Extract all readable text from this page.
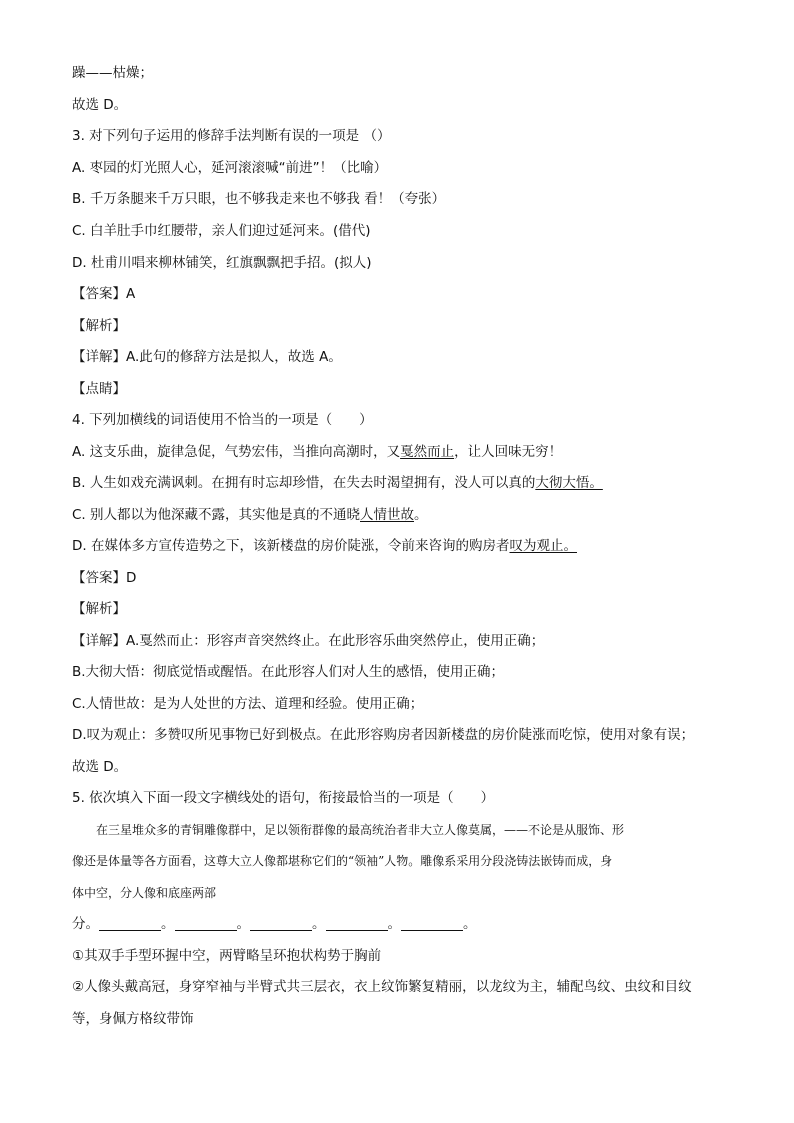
躁——枯燥；
故选 D。
3. 对下列句子运用的修辞手法判断有误的一项是 （）
A. 枣园的灯光照人心，延河滚滚喊“前进”！（比喻）
B. 千万条腿来千万只眼，也不够我走来也不够我 看！（夸张）
C. 白羊肚手巾红腰带，亲人们迎过延河来。(借代)
D. 杜甫川唱来柳林铺笑，红旗飘飘把手招。(拟人)
【答案】A
【解析】
【详解】A.此句的修辞方法是拟人，故选 A。
【点睛】
4. 下列加横线的词语使用不恰当的一项是（　　）
A. 这支乐曲，旋律急促，气势宏伟，当推向高潮时，又戛然而止，让人回味无穷！
B. 人生如戏充满讽刺。在拥有时忘却珍惜，在失去时渴望拥有，没人可以真的大彻大悟。
C. 别人都以为他深藏不露，其实他是真的不通晓人情世故。
D. 在媒体多方宣传造势之下，该新楼盘的房价陡涨，令前来咨询的购房者叹为观止。
【答案】D
【解析】
【详解】A.戛然而止：形容声音突然终止。在此形容乐曲突然停止，使用正确；
B.大彻大悟：彻底觉悟或醒悟。在此形容人们对人生的感悟，使用正确；
C.人情世故：是为人处世的方法、道理和经验。使用正确；
D.叹为观止：多赞叹所见事物已好到极点。在此形容购房者因新楼盘的房价陡涨而吃惊，使用对象有误；
故选 D。
5. 依次填入下面一段文字横线处的语句，衔接最恰当的一项是（　　）
　　在三星堆众多的青铜雕像群中，足以领衔群像的最高统治者非大立人像莫属，——不论是从服饰、形
像还是体量等各方面看，这尊大立人像都堪称它们的“领袖”人物。雕像系采用分段浇铸法嵌铸而成，身
体中空，分人像和底座两部
分。	。	。	。	。	。
①其双手手型环握中空，两臂略呈环抱状构势于胸前
②人像头戴高冠，身穿窄袖与半臂式共三层衣，衣上纹饰繁复精丽，以龙纹为主，辅配鸟纹、虫纹和目纹
等，身佩方格纹带饰
